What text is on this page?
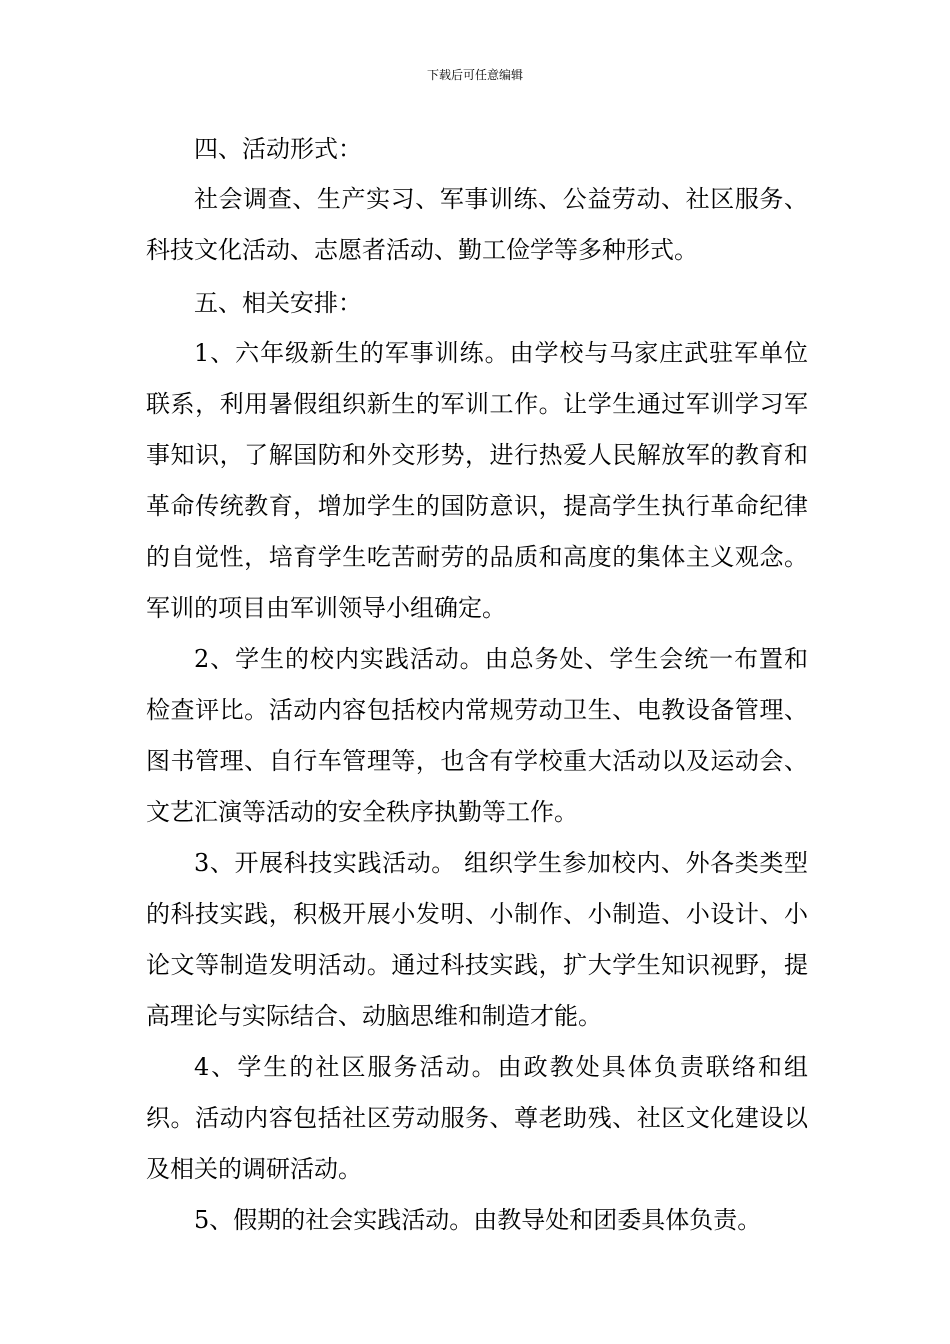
下载后可任意编辑

四、活动形式：

社会调查、生产实习、军事训练、公益劳动、社区服务、科技文化活动、志愿者活动、勤工俭学等多种形式。

五、相关安排：

1、六年级新生的军事训练。由学校与马家庄武驻军单位联系，利用暑假组织新生的军训工作。让学生通过军训学习军事知识，了解国防和外交形势，进行热爱人民解放军的教育和革命传统教育，增加学生的国防意识，提高学生执行革命纪律的自觉性，培育学生吃苦耐劳的品质和高度的集体主义观念。军训的项目由军训领导小组确定。

2、学生的校内实践活动。由总务处、学生会统一布置和检查评比。活动内容包括校内常规劳动卫生、电教设备管理、图书管理、自行车管理等，也含有学校重大活动以及运动会、文艺汇演等活动的安全秩序执勤等工作。

3、开展科技实践活动。 组织学生参加校内、外各类类型的科技实践，积极开展小发明、小制作、小制造、小设计、小论文等制造发明活动。通过科技实践，扩大学生知识视野，提高理论与实际结合、动脑思维和制造才能。

4、学生的社区服务活动。由政教处具体负责联络和组织。活动内容包括社区劳动服务、尊老助残、社区文化建设以及相关的调研活动。

5、假期的社会实践活动。由教导处和团委具体负责。
